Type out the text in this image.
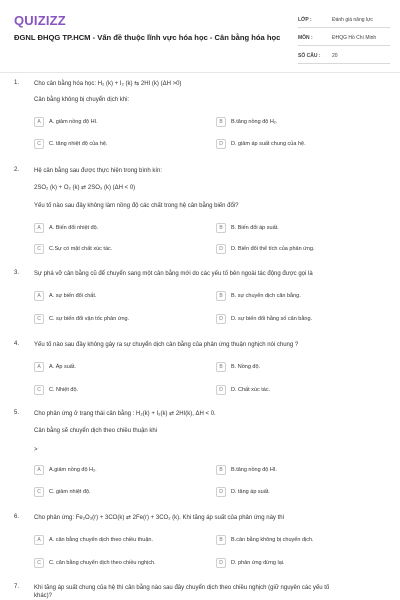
QUIZIZZ
ĐGNL ĐHQG TP.HCM - Vấn đề thuộc lĩnh vực hóa học - Cân bằng hóa học
LỚP :	Đánh giá năng lực
MÔN :	ĐHQG Hồ Chí Minh
SỐ CÂU :	20
1. Cho cân bằng hóa học: H₂ (k) + I₂ (k) ⇆ 2HI (k) (ΔH >0)
Cân bằng không bị chuyển dịch khi:
A	A. giảm nồng độ HI.	B	B.tăng nồng độ H₂.
C	C. tăng nhiệt độ của hệ.	D	D. giảm áp suất chung của hệ.
2. Hệ cân bằng sau được thực hiện trong bình kín:
2SO₂ (k) + O₂ (k) ⇄ 2SO₃ (k) (ΔH < 0)
Yếu tố nào sau đây không làm nồng độ các chất trong hệ cân bằng biến đổi?
A	A. Biến đổi nhiệt độ.	B	B. Biến đổi áp suất.
C	C.Sự có mặt chất xúc tác.	D	D. Biến đổi thể tích của phản ứng.
3. Sự phá vỡ cân bằng cũ để chuyển sang một cân bằng mới do các yếu tố bên ngoài tác động được gọi là
A	A. sự biến đổi chất.	B	B. sự chuyển dịch cân bằng.
C	C. sự biến đổi vận tốc phản ứng.	D	D. sự biến đổi hằng số cân bằng.
4. Yếu tố nào sau đây không gây ra sự chuyển dịch cân bằng của phản ứng thuận nghịch nói chung ?
A	A. Áp suất.	B	B. Nồng độ.
C	C. Nhiệt độ.	D	D. Chất xúc tác.
5. Cho phản ứng ở trạng thái cân bằng : H₂(k) + I₂(k) ⇄ 2HI(k), ΔH < 0.
Cân bằng sẽ chuyển dịch theo chiều thuận khi
>
A	A.giảm nồng độ H₂.	B	B.tăng nồng độ HI.
C	C. giảm nhiệt độ.	D	D. tăng áp suất.
6. Cho phản ứng: Fe₂O₃(r) + 3CO(k) ⇄ 2Fe(r) + 3CO₂ (k). Khi tăng áp suất của phản ứng này thì
A	A. cân bằng chuyển dịch theo chiều thuận.	B	B.cân bằng không bị chuyển dịch.
C	C. cân bằng chuyển dịch theo chiều nghịch.	D	D. phản ứng dừng lại.
7. Khi tăng áp suất chung của hệ thì cân bằng nào sau đây chuyển dịch theo chiều nghịch (giữ nguyên các yếu tố
khác)?
